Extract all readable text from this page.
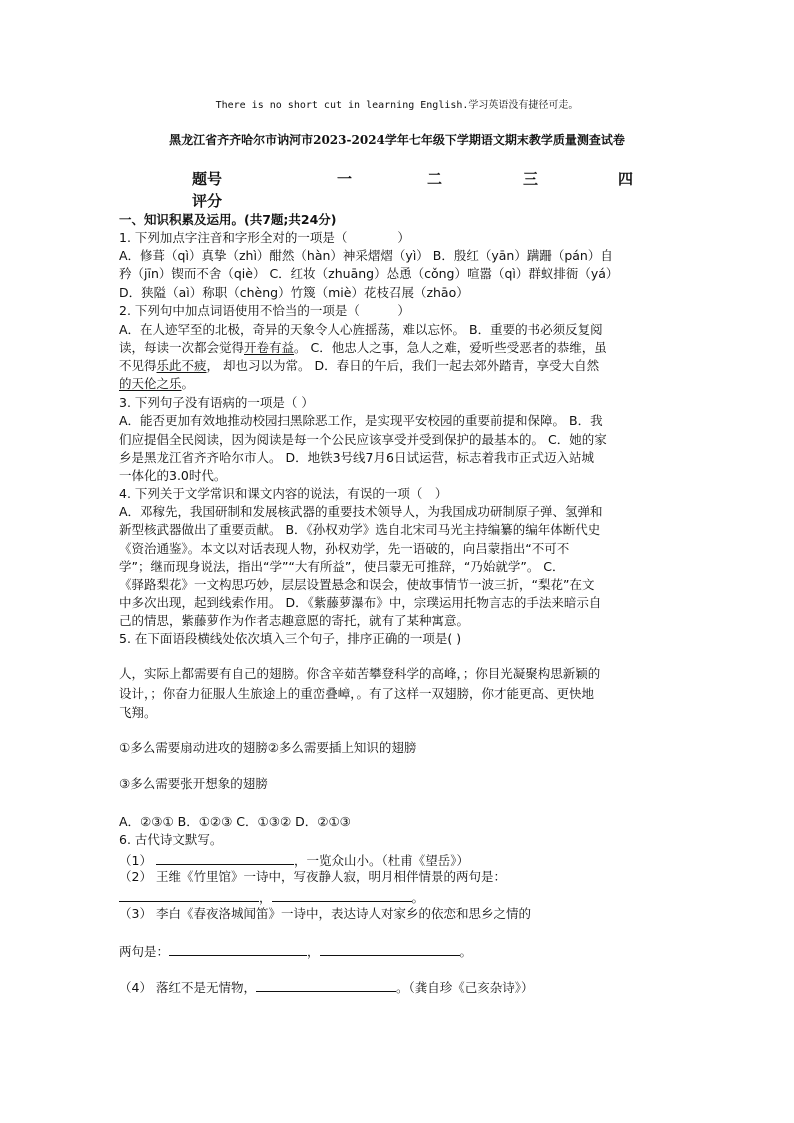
There is no short cut in learning English.学习英语没有捷径可走。
黑龙江省齐齐哈尔市讷河市2023-2024学年七年级下学期语文期末教学质量测查试卷
题号	一	二	三	四
评分
一、知识积累及运用。(共7题;共24分)
1. 下列加点字注音和字形全对的一项是（　　　　）
A．修葺（qì）真挚（zhì）酣然（hàn）神采熠熠（yì） B．殷红（yān）蹒跚（pán）自
矜（jīn）锲而不舍（qiè） C．红妆（zhuāng）怂恿（cǒng）喧嚣（qì）群蚁排衙（yá）
D．狭隘（aì）称职（chèng）竹篾（miè）花枝召展（zhāo）
2. 下列句中加点词语使用不恰当的一项是（　　　）
A．在人迹罕至的北极，奇异的天象令人心旌摇荡，难以忘怀。 B．重要的书必须反复阅
读，每读一次都会觉得开卷有益。 C．他忠人之事，急人之难，爱听些受恶者的恭维，虽
不见得乐此不疲， 却也习以为常。 D．春日的午后，我们一起去郊外踏青，享受大自然
的天伦之乐。
3. 下列句子没有语病的一项是（ ）
A．能否更加有效地推动校园扫黑除恶工作，是实现平安校园的重要前提和保障。 B．我
们应提倡全民阅读，因为阅读是每一个公民应该享受并受到保护的最基本的。 C．她的家
乡是黑龙江省齐齐哈尔市人。 D．地铁3号线7月6日试运营，标志着我市正式迈入站城
一体化的3.0时代。
4. 下列关于文学常识和课文内容的说法，有误的一项（　）
A．邓稼先，我国研制和发展核武器的重要技术领导人，为我国成功研制原子弹、氢弹和
新型核武器做出了重要贡献。 B．《孙权劝学》选自北宋司马光主持编纂的编年体断代史
《资治通鉴》。本文以对话表现人物，孙权劝学，先一语破的，向吕蒙指出“不可不
学”；继而现身说法，指出“学”“大有所益”，使吕蒙无可推辞，“乃始就学”。 C．
《驿路梨花》一文构思巧妙，层层设置悬念和误会，使故事情节一波三折，“梨花”在文
中多次出现，起到线索作用。 D．《紫藤萝瀑布》中，宗璞运用托物言志的手法来暗示自
己的情思，紫藤萝作为作者志趣意愿的寄托，就有了某种寓意。
5. 在下面语段横线处依次填入三个句子，排序正确的一项是( )
人，实际上都需要有自己的翅膀。你含辛茹苦攀登科学的高峰，；你目光凝聚构思新颖的
设计，；你奋力征服人生旅途上的重峦叠嶂，。有了这样一双翅膀，你才能更高、更快地
飞翔。
①多么需要扇动进攻的翅膀②多么需要插上知识的翅膀
③多么需要张开想象的翅膀
A．②③① B．①②③ C．①③② D．②①③
6. 古代诗文默写。
（1）	，一览众山小。（杜甫《望岳》）
（2） 王维《竹里馆》一诗中，写夜静人寂，明月相伴情景的两句是：
，	。
（3） 李白《春夜洛城闻笛》一诗中，表达诗人对家乡的依恋和思乡之情的
两句是：	，	。
（4） 落红不是无情物，	。（龚自珍《己亥杂诗》）
